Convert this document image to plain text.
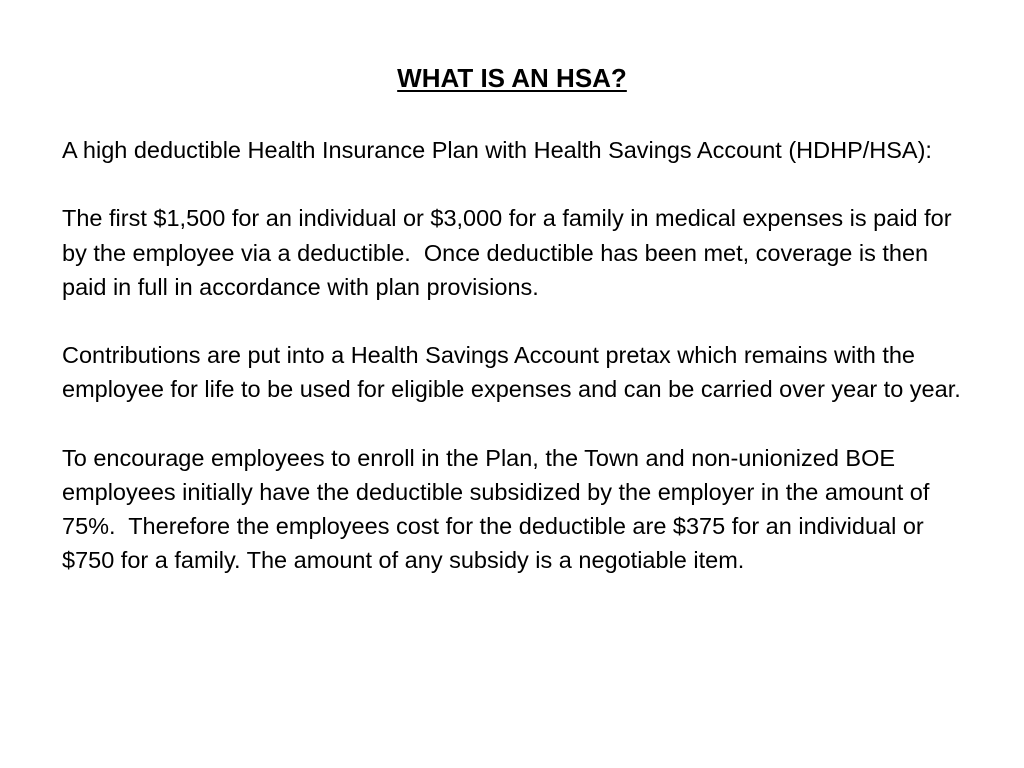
WHAT IS AN HSA?

A high deductible Health Insurance Plan with Health Savings Account (HDHP/HSA):

The first $1,500 for an individual or $3,000 for a family in medical expenses is paid for by the employee via a deductible.  Once deductible has been met, coverage is then paid in full in accordance with plan provisions.

Contributions are put into a Health Savings Account pretax which remains with the employee for life to be used for eligible expenses and can be carried over year to year.

To encourage employees to enroll in the Plan, the Town and non-unionized BOE employees initially have the deductible subsidized by the employer in the amount of 75%.  Therefore the employees cost for the deductible are $375 for an individual or $750 for a family. The amount of any subsidy is a negotiable item.
